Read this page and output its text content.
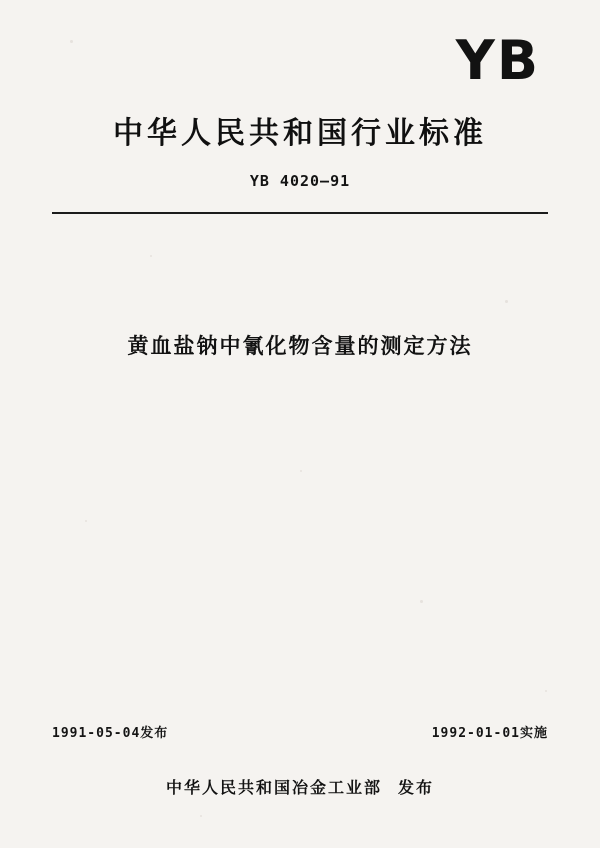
YB
中华人民共和国行业标准
YB 4020—91
黄血盐钠中氰化物含量的测定方法
1991-05-04发布	1992-01-01实施
中华人民共和国冶金工业部 发布
